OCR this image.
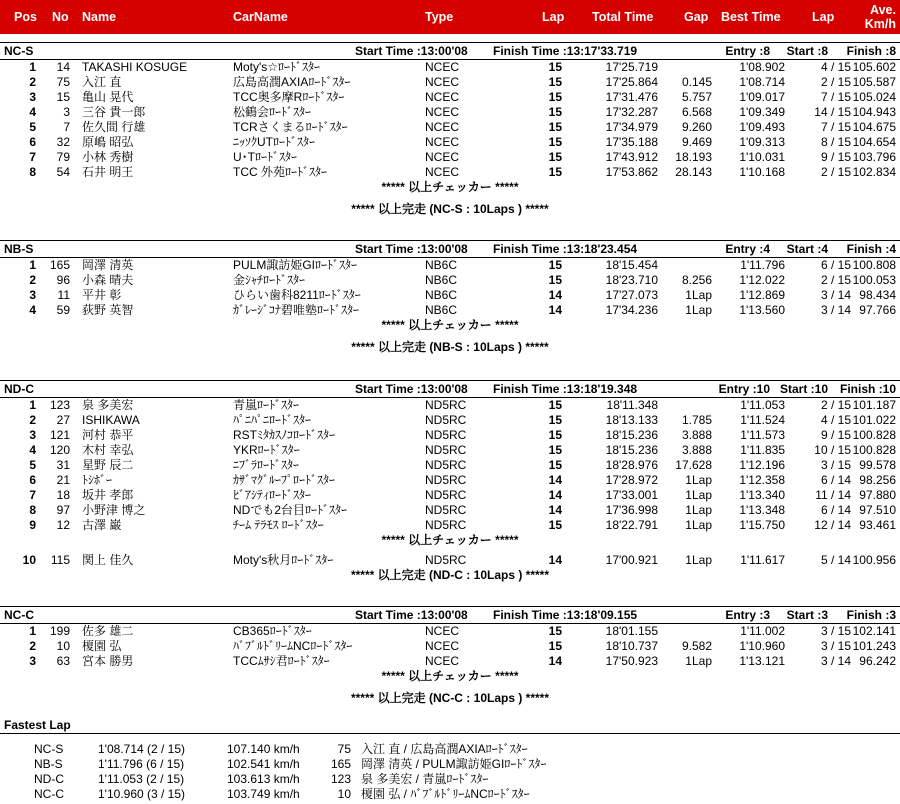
Pos No Name	CarName	Type	Lap Total Time Gap Best Time	Lap	Ave.
Km/h
NC-S	Start Time :13:00'08 Finish Time :13:17'33.719	Entry :8 Start :8 Finish :8
1	14 TAKASHI KOSUGE	Moty's☆ﾛｰﾄﾞｽﾀｰ	NCEC	15	17'25.719	1'08.902	4 / 15 105.602
2	75 入江 直	広島高潤AXIAﾛｰﾄﾞｽﾀｰ	NCEC	15	17'25.864	0.145	1'08.714	2 / 15 105.587
3	15 亀山 晃代	TCC奥多摩Rﾛｰﾄﾞｽﾀｰ	NCEC	15	17'31.476	5.757	1'09.017	7 / 15 105.024
4	3 三谷 貴一郎	松鶴会ﾛｰﾄﾞｽﾀｰ	NCEC	15	17'32.287	6.568	1'09.349	14 / 15 104.943
5	7 佐久間 行雄	TCRさくまるﾛｰﾄﾞｽﾀｰ	NCEC	15	17'34.979	9.260	1'09.493	7 / 15 104.675
6	32 原嶋 昭弘	ﾆｯｿｸUTﾛｰﾄﾞｽﾀｰ	NCEC	15	17'35.188	9.469	1'09.313	8 / 15 104.654
7	79 小林 秀樹	U･Tﾛｰﾄﾞｽﾀｰ	NCEC	15	17'43.912	18.193	1'10.031	9 / 15 103.796
8	54 石井 明王	TCC 外苑ﾛｰﾄﾞｽﾀｰ	NCEC	15	17'53.862	28.143	1'10.168	2 / 15 102.834
***** 以上チェッカー *****
***** 以上完走 (NC-S : 10Laps ) *****
NB-S	Start Time :13:00'08 Finish Time :13:18'23.454	Entry :4 Start :4 Finish :4
1	165 岡澤 清英	PULM諏訪姫GIﾛｰﾄﾞｽﾀｰ	NB6C	15	18'15.454	1'11.796	6 / 15 100.808
2	96 小森 晴夫	金ｼｬﾁﾛｰﾄﾞｽﾀｰ	NB6C	15	18'23.710	8.256	1'12.022	2 / 15 100.053
3	11 平井 彰	ひらい歯科8211ﾛｰﾄﾞｽﾀｰ	NB6C	14	17'27.073	1Lap	1'12.869	3 / 14 98.434
4	59 荻野 英智	ｶﾞﾚｰｼﾞｺﾅ碧唯塾ﾛｰﾄﾞｽﾀｰ	NB6C	14	17'34.236	1Lap	1'13.560	3 / 14 97.766
***** 以上チェッカー *****
***** 以上完走 (NB-S : 10Laps ) *****
ND-C	Start Time :13:00'08 Finish Time :13:18'19.348	Entry :10 Start :10 Finish :10
1	123 泉 多美宏	青嵐ﾛｰﾄﾞｽﾀｰ	ND5RC	15	18'11.348	1'11.053	2 / 15 101.187
2	27 ISHIKAWA	ﾊﾟﾆﾊﾟﾆﾛｰﾄﾞｽﾀｰ	ND5RC	15	18'13.133	1.785	1'11.524	4 / 15 101.022
3	121 河村 恭平	RSTﾐﾀｶｽﾉｺﾛｰﾄﾞｽﾀｰ	ND5RC	15	18'15.236	3.888	1'11.573	9 / 15 100.828
4	120 木村 幸弘	YKRﾛｰﾄﾞｽﾀｰ	ND5RC	15	18'15.236	3.888	1'11.835	10 / 15 100.828
5	31 星野 辰二	ﾆﾌﾞﾗﾛｰﾄﾞｽﾀｰ	ND5RC	15	18'28.976	17.628	1'12.196	3 / 15 99.578
6	21 ﾄｼﾎﾞｰ	ｶｻﾞﾏｸﾞﾙｰﾌﾟﾛｰﾄﾞｽﾀｰ	ND5RC	14	17'28.972	1Lap	1'12.358	6 / 14 98.256
7	18 坂井 孝郎	ﾋﾞｱｼﾃｨﾛｰﾄﾞｽﾀｰ	ND5RC	14	17'33.001	1Lap	1'13.340	11 / 14 97.880
8	97 小野津 博之	NDでも2台目ﾛｰﾄﾞｽﾀｰ	ND5RC	14	17'36.998	1Lap	1'13.348	6 / 14 97.510
9	12 古澤 巌	ﾁｰﾑ ﾃﾗﾓｽ ﾛｰﾄﾞｽﾀｰ	ND5RC	15	18'22.791	1Lap	1'15.750	12 / 14 93.461
***** 以上チェッカー *****
10	115 関上 佳久	Moty's秋月ﾛｰﾄﾞｽﾀｰ	ND5RC	14	17'00.921	1Lap	1'11.617	5 / 14 100.956
***** 以上完走 (ND-C : 10Laps ) *****
NC-C	Start Time :13:00'08 Finish Time :13:18'09.155	Entry :3 Start :3 Finish :3
1	199 佐多 雄二	CB365ﾛｰﾄﾞｽﾀｰ	NCEC	15	18'01.155	1'11.002	3 / 15 102.141
2	10 榎園 弘	ﾊﾞﾌﾞﾙﾄﾞﾘｰﾑNCﾛｰﾄﾞｽﾀｰ	NCEC	15	18'10.737	9.582	1'10.960	3 / 15 101.243
3	63 宮本 勝男	TCCﾑｻｼ君ﾛｰﾄﾞｽﾀｰ	NCEC	14	17'50.923	1Lap	1'13.121	3 / 14 96.242
***** 以上チェッカー *****
***** 以上完走 (NC-C : 10Laps ) *****
Fastest Lap
NC-S	1'08.714 (2 / 15)	107.140 km/h	75 入江 直 / 広島高潤AXIAﾛｰﾄﾞｽﾀｰ
NB-S	1'11.796 (6 / 15)	102.541 km/h	165 岡澤 清英 / PULM諏訪姫GIﾛｰﾄﾞｽﾀｰ
ND-C	1'11.053 (2 / 15)	103.613 km/h	123 泉 多美宏 / 青嵐ﾛｰﾄﾞｽﾀｰ
NC-C	1'10.960 (3 / 15)	103.749 km/h	10 榎園 弘 / ﾊﾞﾌﾞﾙﾄﾞﾘｰﾑNCﾛｰﾄﾞｽﾀｰ
